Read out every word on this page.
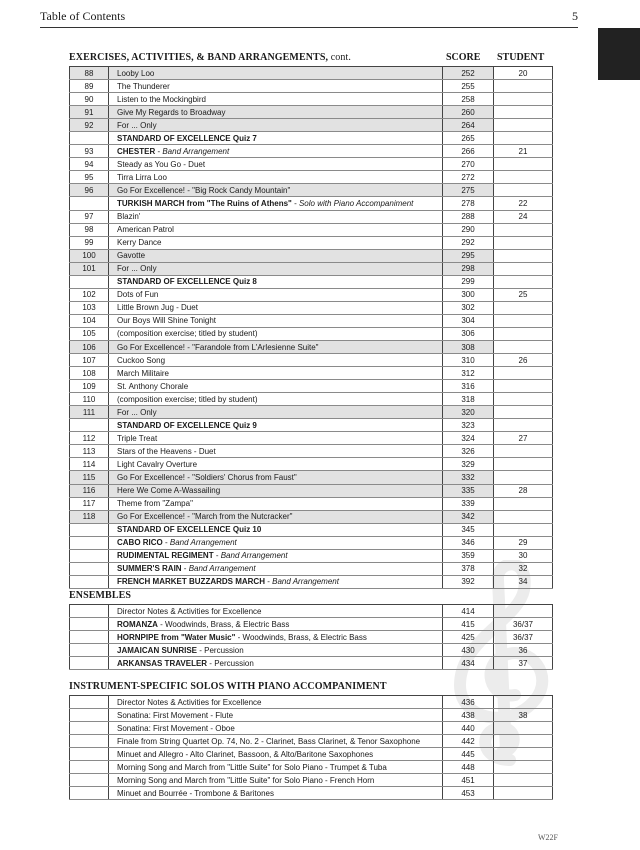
Table of Contents	5
EXERCISES, ACTIVITIES, & BAND ARRANGEMENTS, cont.	SCORE STUDENT
88	Looby Loo	252	20
89	The Thunderer	255	
90	Listen to the Mockingbird	258	
91	Give My Regards to Broadway	260	
92	For ... Only	264	
	STANDARD OF EXCELLENCE Quiz 7	265	
93	CHESTER - Band Arrangement	266	21
94	Steady as You Go - Duet	270	
95	Tirra Lirra Loo	272	
96	Go For Excellence! - "Big Rock Candy Mountain"	275	
	TURKISH MARCH from "The Ruins of Athens" - Solo with Piano Accompaniment	278	22
97	Blazin'	288	24
98	American Patrol	290	
99	Kerry Dance	292	
100	Gavotte	295	
101	For ... Only	298	
	STANDARD OF EXCELLENCE Quiz 8	299	
102	Dots of Fun	300	25
103	Little Brown Jug - Duet	302	
104	Our Boys Will Shine Tonight	304	
105	(composition exercise; titled by student)	306	
106	Go For Excellence! - "Farandole from L'Arlesienne Suite"	308	
107	Cuckoo Song	310	26
108	March Militaire	312	
109	St. Anthony Chorale	316	
110	(composition exercise; titled by student)	318	
111	For ... Only	320	
	STANDARD OF EXCELLENCE Quiz 9	323	
112	Triple Treat	324	27
113	Stars of the Heavens - Duet	326	
114	Light Cavalry Overture	329	
115	Go For Excellence! - "Soldiers' Chorus from Faust"	332	
116	Here We Come A-Wassailing	335	28
117	Theme from "Zampa"	339	
118	Go For Excellence! - "March from the Nutcracker"	342	
	STANDARD OF EXCELLENCE Quiz 10	345	
	CABO RICO - Band Arrangement	346	29
	RUDIMENTAL REGIMENT - Band Arrangement	359	30
	SUMMER'S RAIN - Band Arrangement	378	32
	FRENCH MARKET BUZZARDS MARCH - Band Arrangement	392	34
ENSEMBLES
	Director Notes & Activities for Excellence	414	
	ROMANZA - Woodwinds, Brass, & Electric Bass	415	36/37
	HORNPIPE from "Water Music" - Woodwinds, Brass, & Electric Bass	425	36/37
	JAMAICAN SUNRISE - Percussion	430	36
	ARKANSAS TRAVELER - Percussion	434	37
INSTRUMENT-SPECIFIC SOLOS WITH PIANO ACCOMPANIMENT
	Director Notes & Activities for Excellence	436	
	Sonatina: First Movement - Flute	438	38
	Sonatina: First Movement - Oboe	440	
	Finale from String Quartet Op. 74, No. 2 - Clarinet, Bass Clarinet, & Tenor Saxophone	442	
	Minuet and Allegro - Alto Clarinet, Bassoon, & Alto/Baritone Saxophones	445	
	Morning Song and March from "Little Suite" for Solo Piano - Trumpet & Tuba	448	
	Morning Song and March from "Little Suite" for Solo Piano - French Horn	451	
	Minuet and Bourrée - Trombone & Baritones	453	
W22F
